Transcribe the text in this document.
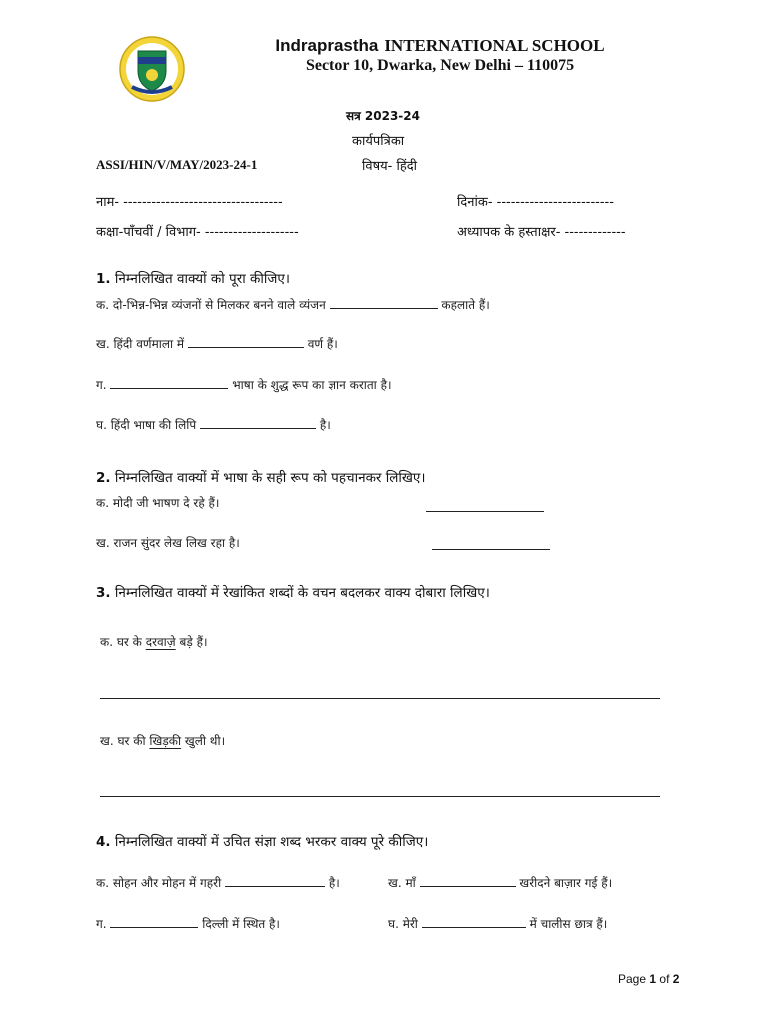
Indraprastha INTERNATIONAL SCHOOL
Sector 10, Dwarka, New Delhi – 110075
सत्र 2023-24
कार्यपत्रिका
ASSI/HIN/V/MAY/2023-24-1	विषय- हिंदी
नाम- ----------------------------------	दिनांक- -------------------------
कक्षा-पाँचवीं / विभाग- --------------------	अध्यापक के हस्ताक्षर- -------------
1. निम्नलिखित वाक्यों को पूरा कीजिए।
क. दो-भिन्न-भिन्न व्यंजनों से मिलकर बनने वाले व्यंजन	कहलाते हैं।
ख. हिंदी वर्णमाला में	वर्ण हैं।
ग.	भाषा के शुद्ध रूप का ज्ञान कराता है।
घ. हिंदी भाषा की लिपि	है।
2. निम्नलिखित वाक्यों में भाषा के सही रूप को पहचानकर लिखिए।
क. मोदी जी भाषण दे रहे हैं।
ख. राजन सुंदर लेख लिख रहा है।
3. निम्नलिखित वाक्यों में रेखांकित शब्दों के वचन बदलकर वाक्य दोबारा लिखिए।
क. घर के दरवाज़े बड़े हैं।
ख. घर की खिड़की खुली थी।
4. निम्नलिखित वाक्यों में उचित संज्ञा शब्द भरकर वाक्य पूरे कीजिए।
क. सोहन और मोहन में गहरी	है।	ख. माँ	खरीदने बाज़ार गई हैं।
ग.	दिल्ली में स्थित है।	घ. मेरी	में चालीस छात्र हैं।
Page 1 of 2
